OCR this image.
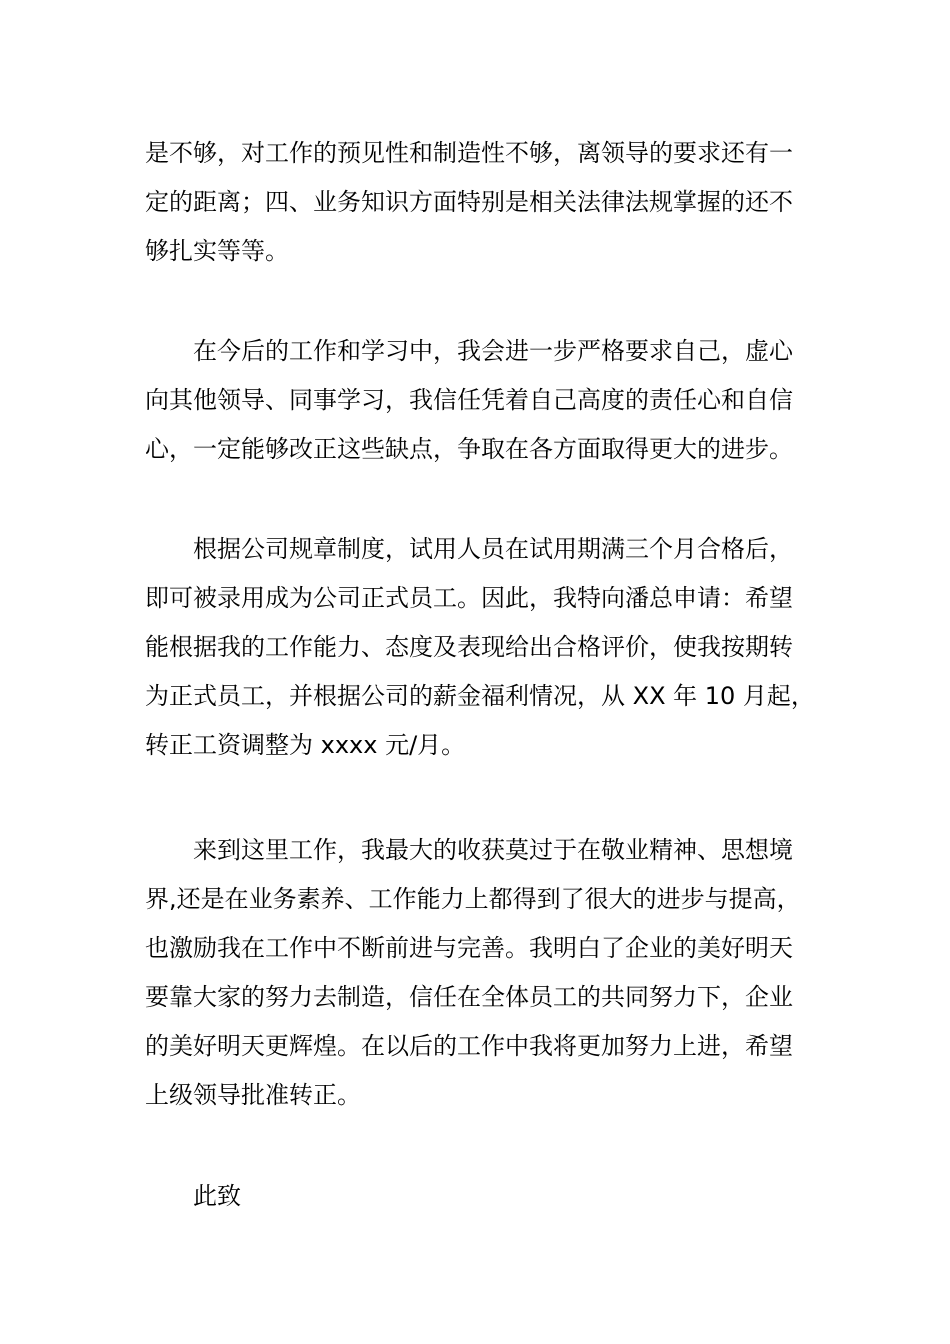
是不够，对工作的预见性和制造性不够，离领导的要求还有一
定的距离；四、业务知识方面特别是相关法律法规掌握的还不
够扎实等等。
在今后的工作和学习中，我会进一步严格要求自己，虚心
向其他领导、同事学习，我信任凭着自己高度的责任心和自信
心，一定能够改正这些缺点，争取在各方面取得更大的进步。
根据公司规章制度，试用人员在试用期满三个月合格后，
即可被录用成为公司正式员工。因此，我特向潘总申请：希望
能根据我的工作能力、态度及表现给出合格评价，使我按期转
为正式员工，并根据公司的薪金福利情况，从 XX 年 10 月起，
转正工资调整为 xxxx 元/月。
来到这里工作，我最大的收获莫过于在敬业精神、思想境
界,还是在业务素养、工作能力上都得到了很大的进步与提高，
也激励我在工作中不断前进与完善。我明白了企业的美好明天
要靠大家的努力去制造，信任在全体员工的共同努力下，企业
的美好明天更辉煌。在以后的工作中我将更加努力上进，希望
上级领导批准转正。
此致
